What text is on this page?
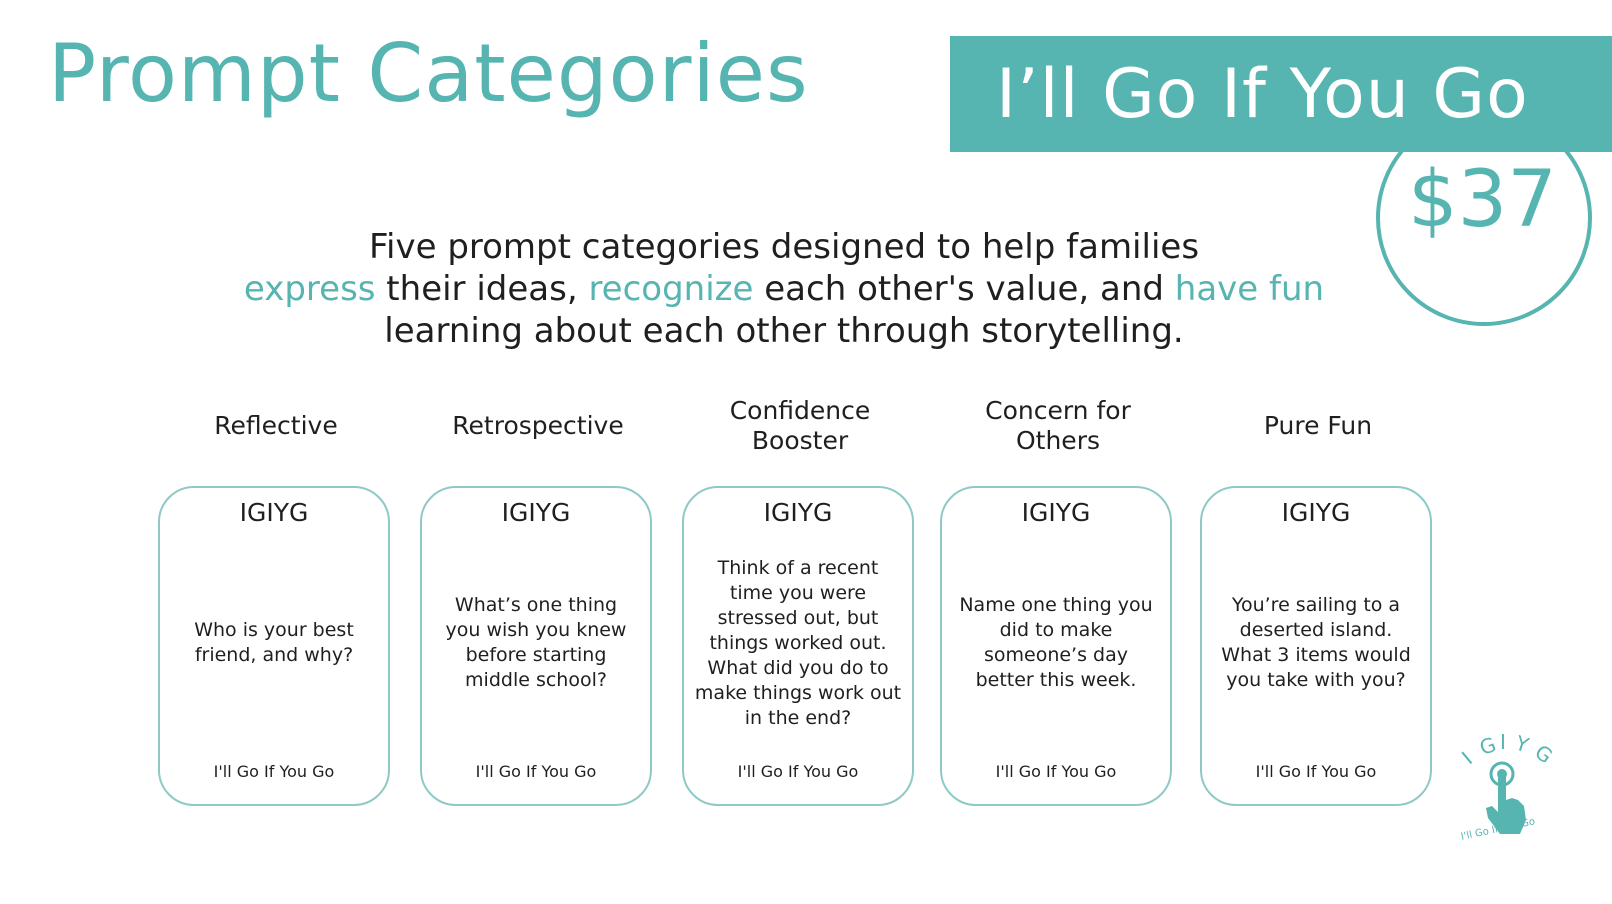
Prompt Categories
$37
I’ll Go If You Go
Five prompt categories designed to help families
express their ideas, recognize each other's value, and have fun
learning about each other through storytelling.
Reflective
IGIYG
Who is your best friend, and why?
I'll Go If You Go
Retrospective
IGIYG
What’s one thing you wish you knew before starting middle school?
I'll Go If You Go
Confidence Booster
IGIYG
Think of a recent time you were stressed out, but things worked out. What did you do to make things work out in the end?
I'll Go If You Go
Concern for Others
IGIYG
Name one thing you did to make someone’s day better this week.
I'll Go If You Go
Pure Fun
IGIYG
You’re sailing to a deserted island. What 3 items would you take with you?
I'll Go If You Go
I G I Y
G
I'll Go If You Go
